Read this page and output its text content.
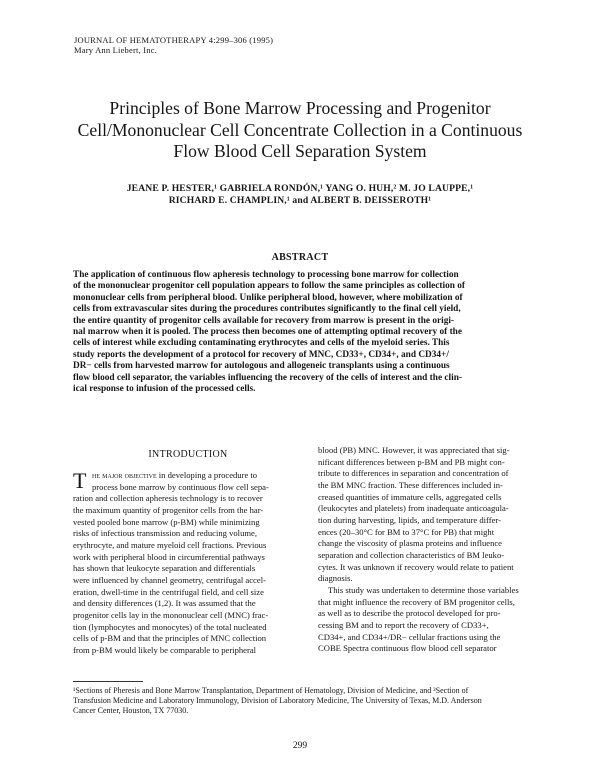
JOURNAL OF HEMATOTHERAPY 4:299–306 (1995)
Mary Ann Liebert, Inc.
Principles of Bone Marrow Processing and Progenitor
Cell/Mononuclear Cell Concentrate Collection in a Continuous
Flow Blood Cell Separation System
JEANE P. HESTER,¹ GABRIELA RONDÓN,¹ YANG O. HUH,² M. JO LAUPPE,¹
RICHARD E. CHAMPLIN,¹ and ALBERT B. DEISSEROTH¹
ABSTRACT
The application of continuous flow apheresis technology to processing bone marrow for collection
of the mononuclear progenitor cell population appears to follow the same principles as collection of
mononuclear cells from peripheral blood. Unlike peripheral blood, however, where mobilization of
cells from extravascular sites during the procedures contributes significantly to the final cell yield,
the entire quantity of progenitor cells available for recovery from marrow is present in the origi-
nal marrow when it is pooled. The process then becomes one of attempting optimal recovery of the
cells of interest while excluding contaminating erythrocytes and cells of the myeloid series. This
study reports the development of a protocol for recovery of MNC, CD33+, CD34+, and CD34+/
DR− cells from harvested marrow for autologous and allogeneic transplants using a continuous
flow blood cell separator, the variables influencing the recovery of the cells of interest and the clin-
ical response to infusion of the processed cells.
INTRODUCTION
T he major objective in developing a procedure to
process bone marrow by continuous flow cell sepa-
ration and collection apheresis technology is to recover
the maximum quantity of progenitor cells from the har-
vested pooled bone marrow (p-BM) while minimizing
risks of infectious transmission and reducing volume,
erythrocyte, and mature myeloid cell fractions. Previous
work with peripheral blood in circumferential pathways
has shown that leukocyte separation and differentials
were influenced by channel geometry, centrifugal accel-
eration, dwell-time in the centrifugal field, and cell size
and density differences (1,2). It was assumed that the
progenitor cells lay in the mononuclear cell (MNC) frac-
tion (lymphocytes and monocytes) of the total nucleated
cells of p-BM and that the principles of MNC collection
from p-BM would likely be comparable to peripheral
blood (PB) MNC. However, it was appreciated that sig-
nificant differences between p-BM and PB might con-
tribute to differences in separation and concentration of
the BM MNC fraction. These differences included in-
creased quantities of immature cells, aggregated cells
(leukocytes and platelets) from inadequate anticoagula-
tion during harvesting, lipids, and temperature differ-
ences (20–30°C for BM to 37°C for PB) that might
change the viscosity of plasma proteins and influence
separation and collection characteristics of BM leuko-
cytes. It was unknown if recovery would relate to patient
diagnosis.
This study was undertaken to determine those variables
that might influence the recovery of BM progenitor cells,
as well as to describe the protocol developed for pro-
cessing BM and to report the recovery of CD33+,
CD34+, and CD34+/DR− cellular fractions using the
COBE Spectra continuous flow blood cell separator
¹Sections of Pheresis and Bone Marrow Transplantation, Department of Hematology, Division of Medicine, and ²Section of
Transfusion Medicine and Laboratory Immunology, Division of Laboratory Medicine, The University of Texas, M.D. Anderson
Cancer Center, Houston, TX 77030.
299
